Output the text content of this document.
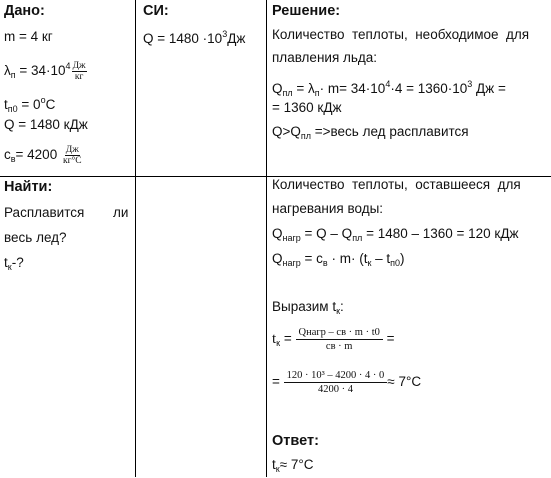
Дано:
m = 4 кг
$\lambda_п = 34\cdot 10^4 \frac{Дж}{кг}$
$t_{п0} = 0^oC$
Q = 1480 кДж
$c_в= 4200 \frac{Дж}{кг^\circ С}$
Найти:
Расплавится ли
весь лед?
$t_к-$?
СИ:
$Q = 1480 \cdot 10^3Дж$
Решение:
Количество  теплоты,  необходимое  для
плавления льда:
$Q_{пл} = \lambda_п\cdot m= 34\cdot 10^4\cdot 4 = 1360\cdot 10^3$ Дж =
= 1360 кДж
$Q>Q_{пл}$ =>весь лед расплавится
Количество  теплоты,  оставшееся  для
нагревания воды:
$Q_{нагр} = Q - Q_{пл} = 1480 - 1360 = 120$ кДж
$Q_{нагр} = c_в \cdot m\cdot (t_к - t_{п0})$
Выразим $t_к$:
$t_к = \frac{\text{Qнагр – cв · m · t0}}{cв \cdot m}$ =
= $\frac{\text{120 · 10³ – 4200 · 4 · 0}}{4200 \cdot 4} \approx 7^\circ C$
Ответ:
$t_к\approx 7^\circ C$
